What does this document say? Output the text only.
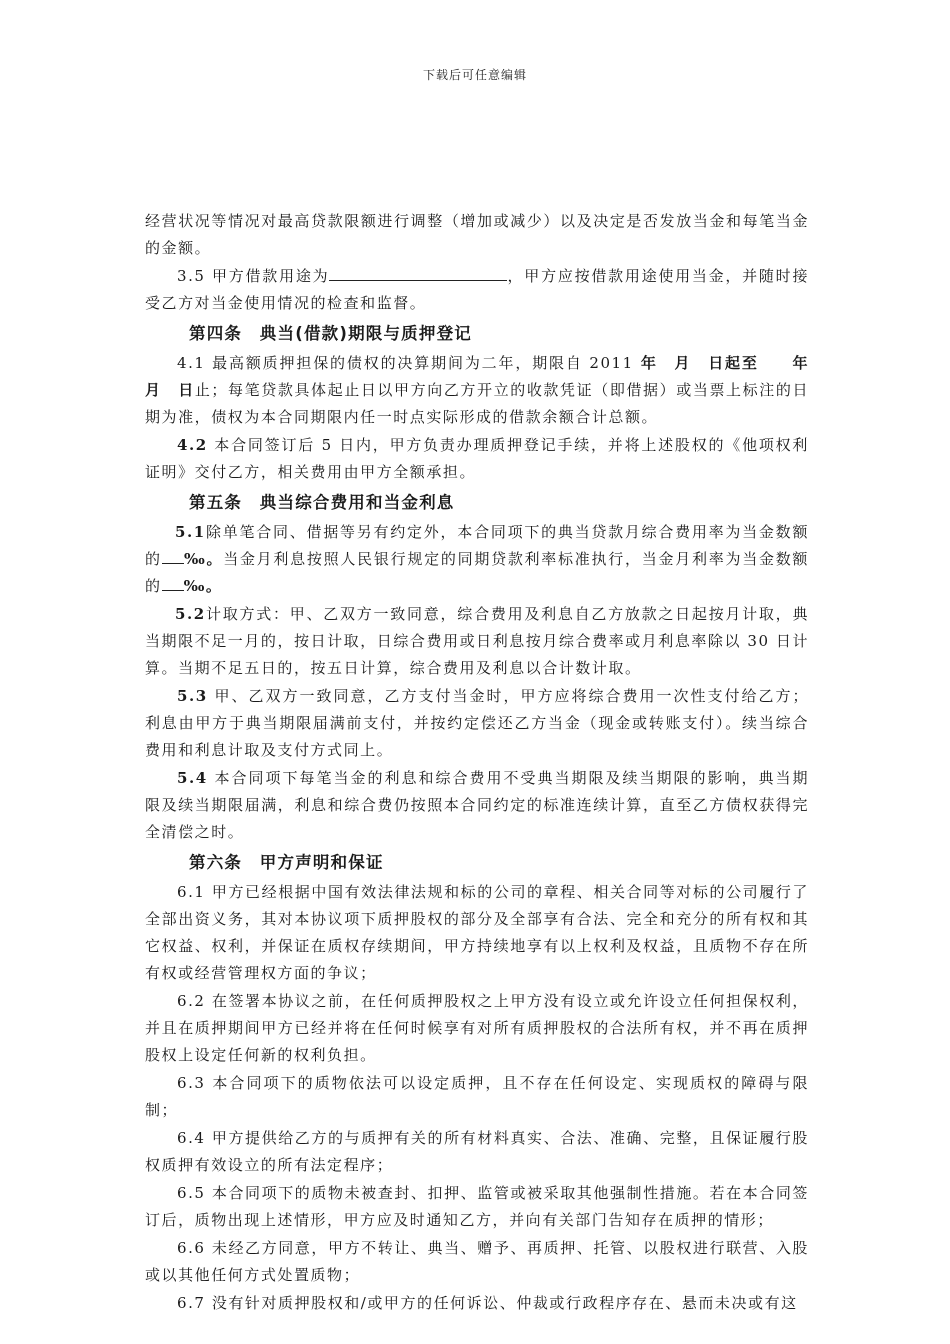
下载后可任意编辑

经营状况等情况对最高贷款限额进行调整（增加或减少）以及决定是否发放当金和每笔当金的金额。

3.5 甲方借款用途为	，甲方应按借款用途使用当金，并随时接受乙方对当金使用情况的检查和监督。

第四条　典当(借款)期限与质押登记

4.1 最高额质押担保的债权的决算期间为二年，期限自 2011 年　月　日起至　　年　月　日止；每笔贷款具体起止日以甲方向乙方开立的收款凭证（即借据）或当票上标注的日期为准，债权为本合同期限内任一时点实际形成的借款余额合计总额。

4.2 本合同签订后 5 日内，甲方负责办理质押登记手续，并将上述股权的《他项权利证明》交付乙方，相关费用由甲方全额承担。

第五条　典当综合费用和当金利息

5.1除单笔合同、借据等另有约定外，本合同项下的典当贷款月综合费用率为当金数额的 ‰。当金月利息按照人民银行规定的同期贷款利率标准执行，当金月利率为当金数额的 ‰。

5.2计取方式：甲、乙双方一致同意，综合费用及利息自乙方放款之日起按月计取，典当期限不足一月的，按日计取，日综合费用或日利息按月综合费率或月利息率除以 30 日计算。当期不足五日的，按五日计算，综合费用及利息以合计数计取。

5.3 甲、乙双方一致同意，乙方支付当金时，甲方应将综合费用一次性支付给乙方；利息由甲方于典当期限届满前支付，并按约定偿还乙方当金（现金或转账支付）。续当综合费用和利息计取及支付方式同上。

5.4 本合同项下每笔当金的利息和综合费用不受典当期限及续当期限的影响，典当期限及续当期限届满，利息和综合费仍按照本合同约定的标准连续计算，直至乙方债权获得完全清偿之时。

第六条　甲方声明和保证

6.1 甲方已经根据中国有效法律法规和标的公司的章程、相关合同等对标的公司履行了全部出资义务，其对本协议项下质押股权的部分及全部享有合法、完全和充分的所有权和其它权益、权利，并保证在质权存续期间，甲方持续地享有以上权利及权益，且质物不存在所有权或经营管理权方面的争议；

6.2 在签署本协议之前，在任何质押股权之上甲方没有设立或允许设立任何担保权利，并且在质押期间甲方已经并将在任何时候享有对所有质押股权的合法所有权，并不再在质押股权上设定任何新的权利负担。

6.3 本合同项下的质物依法可以设定质押，且不存在任何设定、实现质权的障碍与限制；

6.4 甲方提供给乙方的与质押有关的所有材料真实、合法、准确、完整，且保证履行股权质押有效设立的所有法定程序；

6.5 本合同项下的质物未被查封、扣押、监管或被采取其他强制性措施。若在本合同签订后，质物出现上述情形，甲方应及时通知乙方，并向有关部门告知存在质押的情形；

6.6 未经乙方同意，甲方不转让、典当、赠予、再质押、托管、以股权进行联营、入股或以其他任何方式处置质物；

6.7 没有针对质押股权和/或甲方的任何诉讼、仲裁或行政程序存在、悬而未决或有这
